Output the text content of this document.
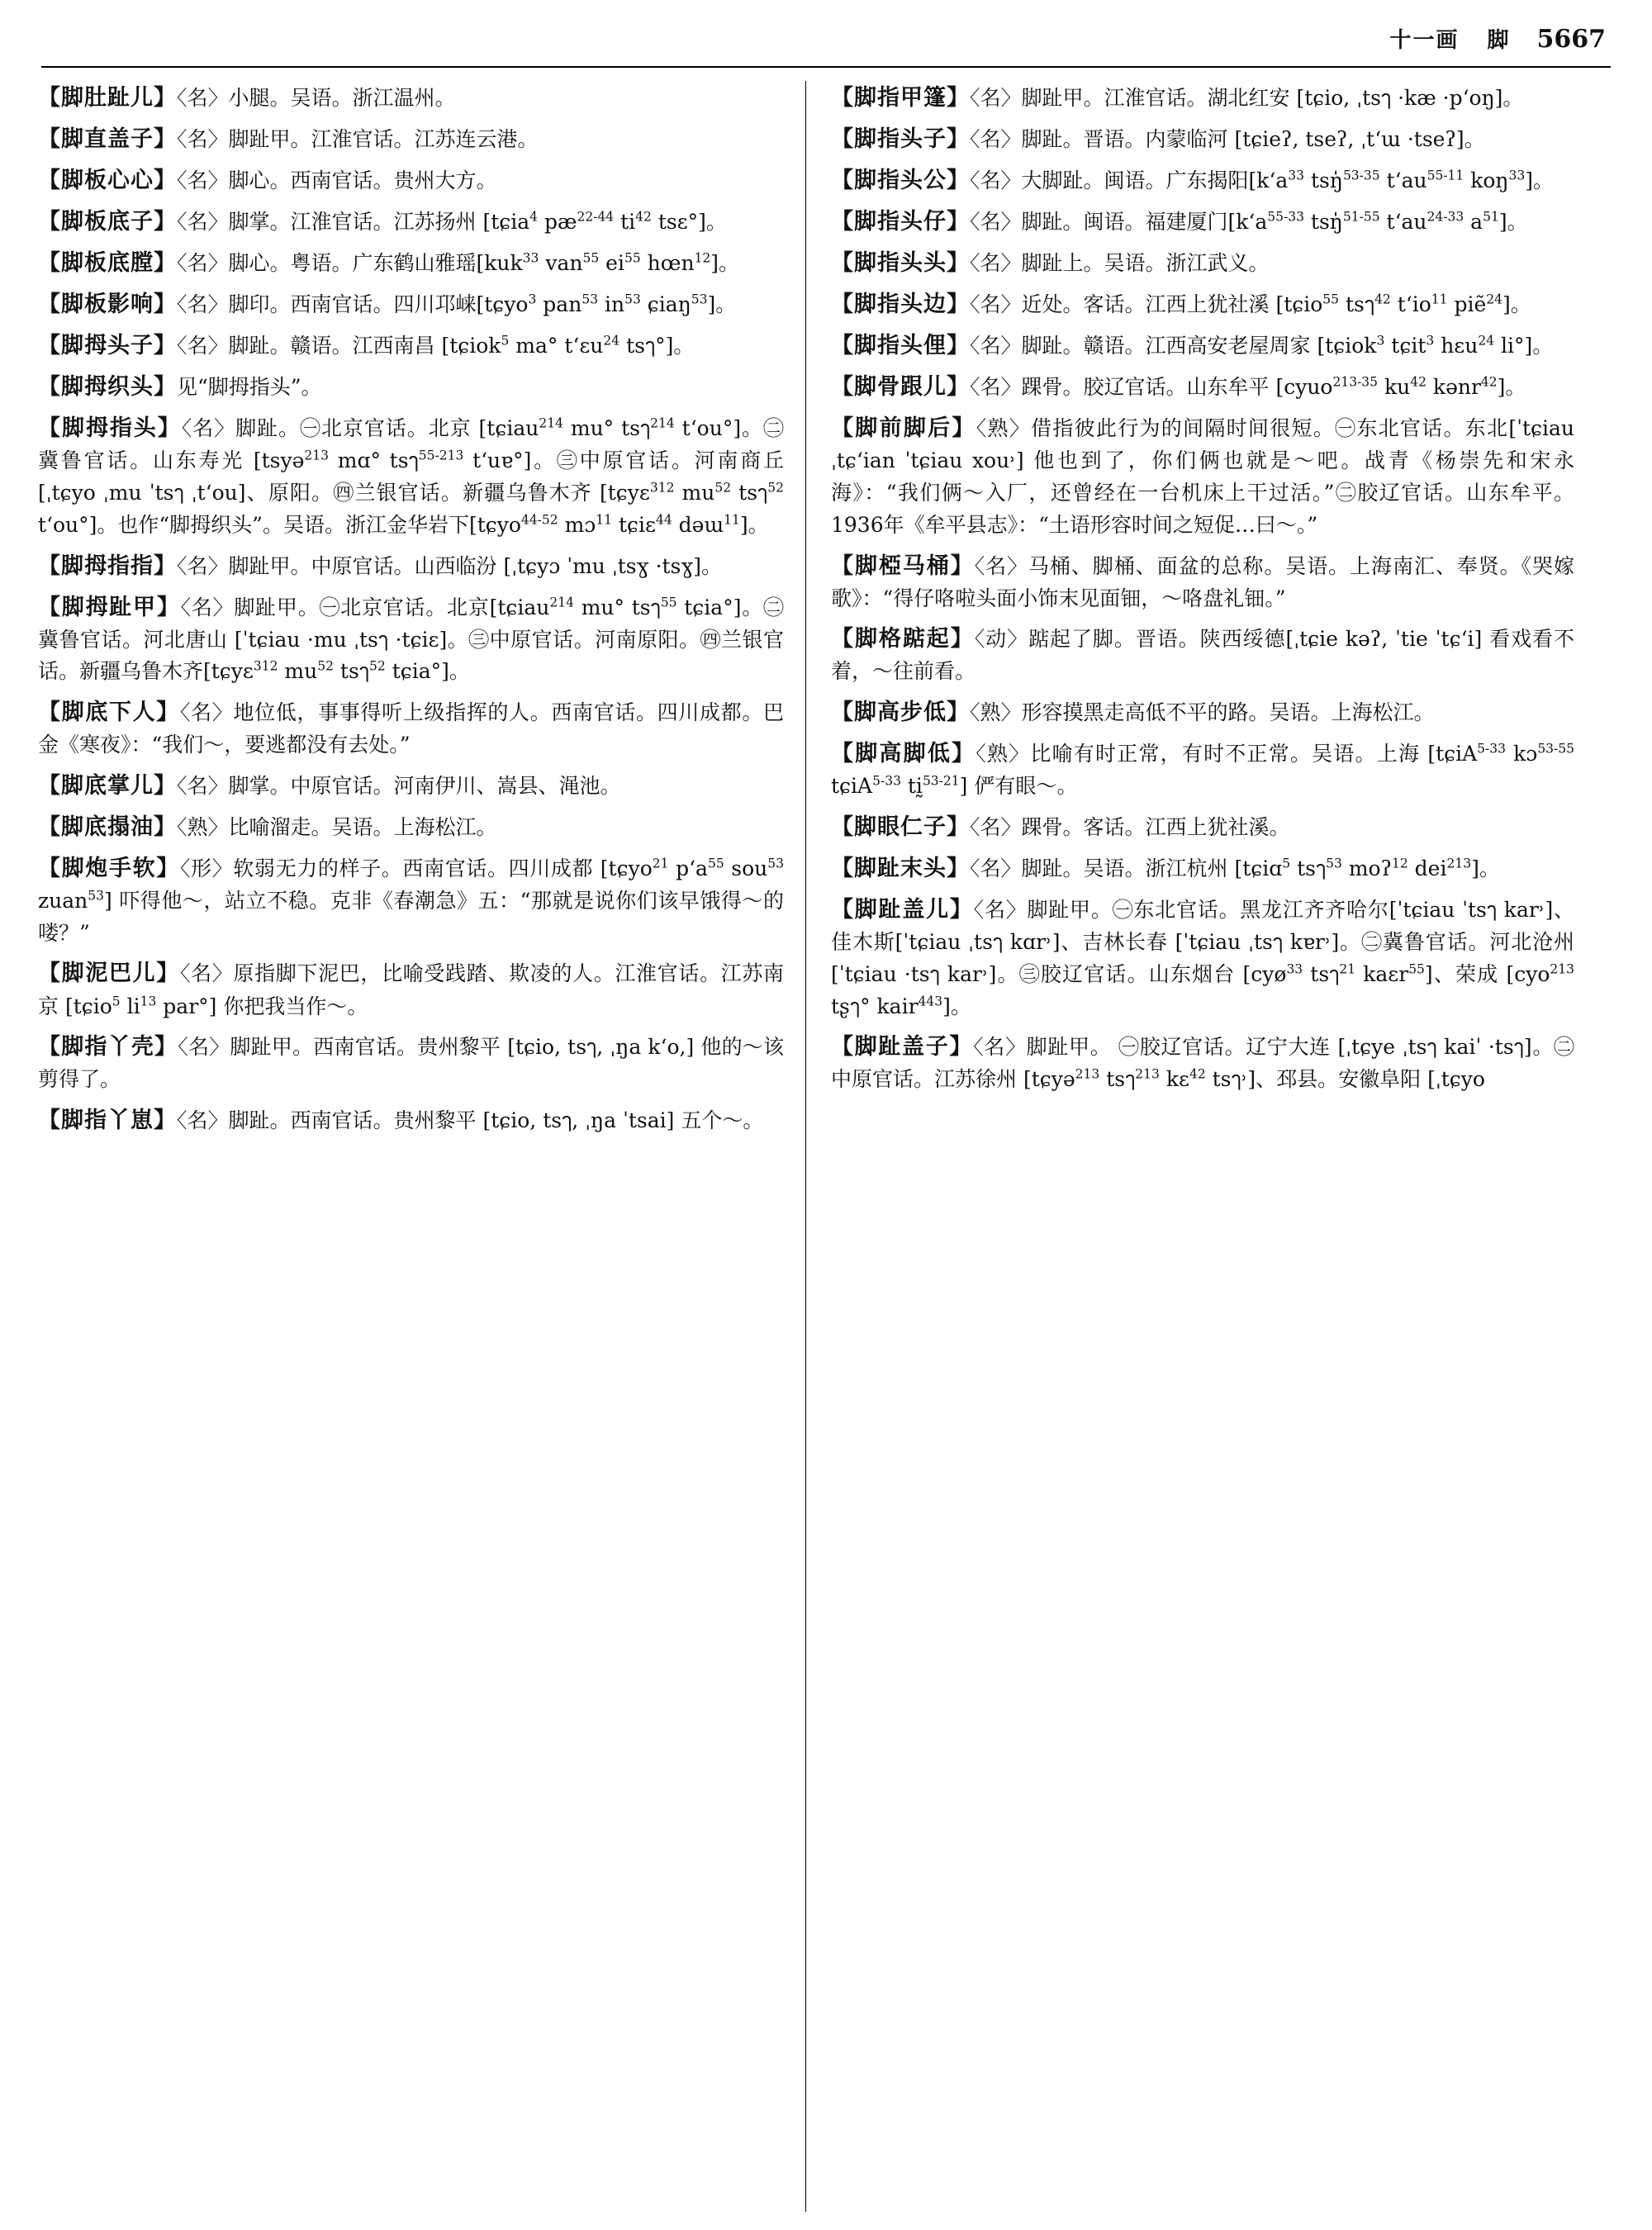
十一画 脚 5667
【脚肚趾儿】〈名〉小腿。吴语。浙江温州。
【脚直盖子】〈名〉脚趾甲。江淮官话。江苏连云港。
【脚板心心】〈名〉脚心。西南官话。贵州大方。
【脚板底子】〈名〉脚掌。江淮官话。江苏扬州 [tɕia$^4$ $pæ^{22-44}$ $ti^{42}$ tsɛ°]。
【脚板底膛】〈名〉脚心。粤语。广东鹤山雅瑶[kuk$^{33}$ van$^{55}$ $ei^{55}$ hœn$^{12}$]。
【脚板影响】〈名〉脚印。西南官话。四川邛崃[tɕyo$^3$ pan$^{53}$ $in^{53}$ ɕiaŋ$^{53}$]。
【脚拇头子】〈名〉脚趾。赣语。江西南昌 [tɕiok$^5$ ma° tʻɛu$^{24}$ tsๅ°]。
【脚拇织头】见“脚拇指头”。
【脚拇指头】〈名〉脚趾。㊀北京官话。北京 [tɕiau$^{214}$ mu° tsๅ$^{214}$ tʻou°]。㊁冀鲁官话。山东寿光 [tsyə$^{213}$ mɑ° tsๅ$^{55-213}$ tʻuɐ°]。㊂中原官话。河南商丘[ˌtɕyo ˌmu ˈtsๅ ˌtʻou]、原阳。㊃兰银官话。新疆乌鲁木齐 [tɕyɛ$^{312}$ $mu^{52}$ tsๅ$^{52}$ tʻou°]。也作“脚拇织头”。吴语。浙江金华岩下[tɕyo$^{44-52}$ mɔ$^{11}$ tɕiɛ$^{44}$ dəɯ$^{11}$]。
【脚拇指指】〈名〉脚趾甲。中原官话。山西临汾 [ˌtɕyɔ ˈmu ˌtsɣ ·tsɣ]。
【脚拇趾甲】〈名〉脚趾甲。㊀北京官话。北京[tɕiau$^{214}$ mu° tsๅ$^{55}$ tɕia°]。㊁冀鲁官话。河北唐山 [ˈtɕiau ·mu ˌtsๅ ·tɕiɛ]。㊂中原官话。河南原阳。㊃兰银官话。新疆乌鲁木齐[tɕyɛ$^{312}$ $mu^{52}$ tsๅ$^{52}$ tɕia°]。
【脚底下人】〈名〉地位低，事事得听上级指挥的人。西南官话。四川成都。巴金《寒夜》：“我们～，要逃都没有去处。”
【脚底掌儿】〈名〉脚掌。中原官话。河南伊川、嵩县、渑池。
【脚底搨油】〈熟〉比喻溜走。吴语。上海松江。
【脚炮手软】〈形〉软弱无力的样子。西南官话。四川成都 [tɕyo$^{21}$ pʻa$^{55}$ sou$^{53}$ zuan$^{53}$] 吓得他～，站立不稳。克非《春潮急》五：“那就是说你们该早饿得～的喽？”
【脚泥巴儿】〈名〉原指脚下泥巴，比喻受践踏、欺凌的人。江淮官话。江苏南京 [tɕio$^5$ $li^{13}$ par°] 你把我当作～。
【脚指丫壳】〈名〉脚趾甲。西南官话。贵州黎平 [tɕio, tsๅ, ˌŋa kʻo,] 他的～该剪得了。
【脚指丫崽】〈名〉脚趾。西南官话。贵州黎平 [tɕio, tsๅ, ˌŋa ˈtsai] 五个～。
【脚指甲篷】〈名〉脚趾甲。江淮官话。湖北红安 [tɕio, ˌtsๅ ·kæ ·pʻoŋ]。
【脚指头子】〈名〉脚趾。晋语。内蒙临河 [tɕieʔ, tseʔ, ˌtʻɯ ·tseʔ]。
【脚指头公】〈名〉大脚趾。闽语。广东揭阳[kʻa$^{33}$ tsŋ̍$^{53-35}$ tʻau$^{55-11}$ koŋ$^{33}$]。
【脚指头仔】〈名〉脚趾。闽语。福建厦门[kʻa$^{55-33}$ tsŋ̍$^{51-55}$ tʻau$^{24-33}$ $a^{51}$]。
【脚指头头】〈名〉脚趾上。吴语。浙江武义。
【脚指头边】〈名〉近处。客话。江西上犹社溪 [tɕio$^{55}$ tsๅ$^{42}$ tʻio$^{11}$ piẽ$^{24}$]。
【脚指头俚】〈名〉脚趾。赣语。江西高安老屋周家 [tɕiok$^3$ tɕit$^3$ hɛu$^{24}$ li°]。
【脚骨跟儿】〈名〉踝骨。胶辽官话。山东牟平 [cyuo$^{213-35}$ $ku^{42}$ kənr$^{42}$]。
【脚前脚后】〈熟〉借指彼此行为的间隔时间很短。㊀东北官话。东北[ˈtɕiau ˌtɕʻian ˈtɕiau xou˒] 他也到了，你们俩也就是～吧。战青《杨崇先和宋永海》：“我们俩～入厂，还曾经在一台机床上干过活。”㊁胶辽官话。山东牟平。1936年《牟平县志》：“土语形容时间之短促…曰～。”
【脚椏马桶】〈名〉马桶、脚桶、面盆的总称。吴语。上海南汇、奉贤。《哭嫁歌》：“得仔咯啦头面小饰末见面钿，～咯盘礼钿。”
【脚格踮起】〈动〉踮起了脚。晋语。陕西绥德[ˌtɕie kəʔ, ˈtie ˈtɕʻi] 看戏看不着，～往前看。
【脚高步低】〈熟〉形容摸黑走高低不平的路。吴语。上海松江。
【脚高脚低】〈熟〉比喻有时正常，有时不正常。吴语。上海 [tɕiA$^{5-33}$ kɔ$^{53-55}$ tɕiA$^{5-33}$ tḭ$^{53-21}$] 俨有眼～。
【脚眼仁子】〈名〉踝骨。客话。江西上犹社溪。
【脚趾末头】〈名〉脚趾。吴语。浙江杭州 [tɕiɑ$^5$ tsๅ$^{53}$ moʔ$^{12}$ dei$^{213}$]。
【脚趾盖儿】〈名〉脚趾甲。㊀东北官话。黑龙江齐齐哈尔[ˈtɕiau ˈtsๅ kar˒]、佳木斯[ˈtɕiau ˌtsๅ kɑr˒]、吉林长春 [ˈtɕiau ˌtsๅ kɐr˒]。㊁冀鲁官话。河北沧州 [ˈtɕiau ·tsๅ kar˒]。㊂胶辽官话。山东烟台 [cyø$^{33}$ tsๅ$^{21}$ kaɛr$^{55}$]、荣成 [cyo$^{213}$ tʂๅ° kair$^{443}$]。
【脚趾盖子】〈名〉脚趾甲。 ㊀胶辽官话。辽宁大连 [ˌtɕye ˌtsๅ kaiˈ ·tsๅ]。㊁中原官话。江苏徐州 [tɕyə$^{213}$ tsๅ$^{213}$ kɛ$^{42}$ tsๅ˒]、邳县。安徽阜阳 [ˌtɕyo
